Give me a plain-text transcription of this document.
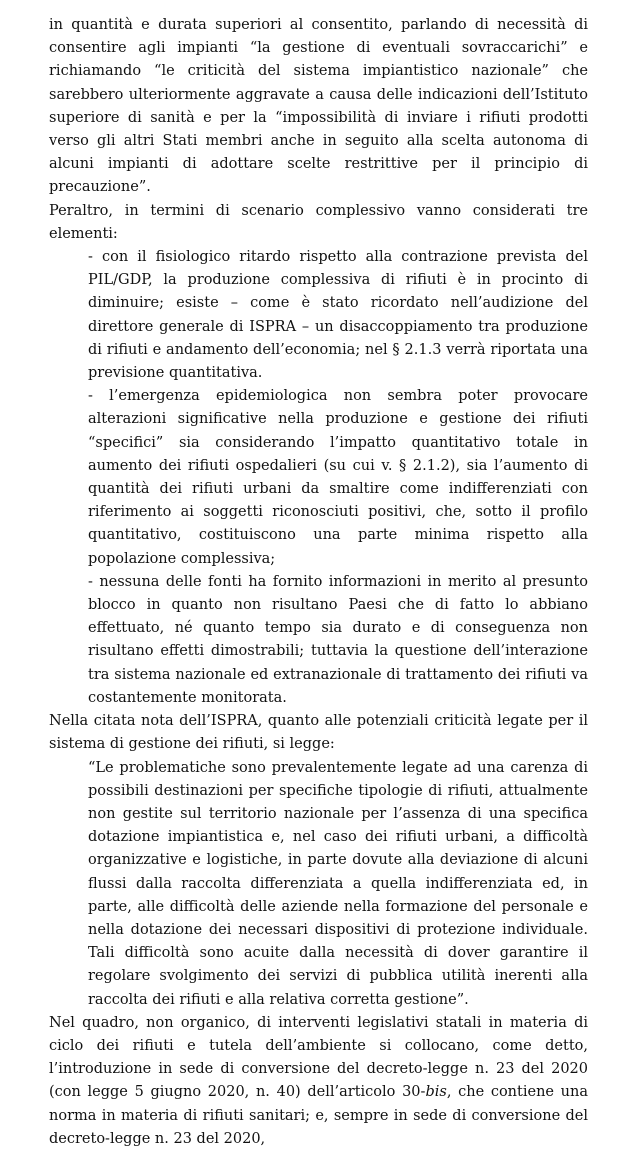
in quantità e durata superiori al consentito, parlando di necessità di consentire agli impianti “la gestione di eventuali sovraccarichi” e richiamando “le criticità del sistema impiantistico nazionale” che sarebbero ulteriormente aggravate a causa delle indicazioni dell’Istituto superiore di sanità e per la “impossibilità di inviare i rifiuti prodotti verso gli altri Stati membri anche in seguito alla scelta autonoma di alcuni impianti di adottare scelte restrittive per il principio di precauzione”.

Peraltro, in termini di scenario complessivo vanno considerati tre elementi:

- con il fisiologico ritardo rispetto alla contrazione prevista del PIL/GDP, la produzione complessiva di rifiuti è in procinto di diminuire; esiste – come è stato ricordato nell’audizione del direttore generale di ISPRA – un disaccoppiamento tra produzione di rifiuti e andamento dell’economia; nel § 2.1.3 verrà riportata una previsione quantitativa.

- l’emergenza epidemiologica non sembra poter provocare alterazioni significative nella produzione e gestione dei rifiuti “specifici” sia considerando l’impatto quantitativo totale in aumento dei rifiuti ospedalieri (su cui v. § 2.1.2), sia l’aumento di quantità dei rifiuti urbani da smaltire come indifferenziati con riferimento ai soggetti riconosciuti positivi, che, sotto il profilo quantitativo, costituiscono una parte minima rispetto alla popolazione complessiva;

- nessuna delle fonti ha fornito informazioni in merito al presunto blocco in quanto non risultano Paesi che di fatto lo abbiano effettuato, né quanto tempo sia durato e di conseguenza non risultano effetti dimostrabili; tuttavia la questione dell’interazione tra sistema nazionale ed extranazionale di trattamento dei rifiuti va costantemente monitorata.

Nella citata nota dell’ISPRA, quanto alle potenziali criticità legate per il sistema di gestione dei rifiuti, si legge:

“Le problematiche sono prevalentemente legate ad una carenza di possibili destinazioni per specifiche tipologie di rifiuti, attualmente non gestite sul territorio nazionale per l’assenza di una specifica dotazione impiantistica e, nel caso dei rifiuti urbani, a difficoltà organizzative e logistiche, in parte dovute alla deviazione di alcuni flussi dalla raccolta differenziata a quella indifferenziata ed, in parte, alle difficoltà delle aziende nella formazione del personale e nella dotazione dei necessari dispositivi di protezione individuale. Tali difficoltà sono acuite dalla necessità di dover garantire il regolare svolgimento dei servizi di pubblica utilità inerenti alla raccolta dei rifiuti e alla relativa corretta gestione”.

Nel quadro, non organico, di interventi legislativi statali in materia di ciclo dei rifiuti e tutela dell’ambiente si collocano, come detto, l’introduzione in sede di conversione del decreto-legge n. 23 del 2020 (con legge 5 giugno 2020, n. 40) dell’articolo 30-bis, che contiene una norma in materia di rifiuti sanitari; e, sempre in sede di conversione del decreto-legge n. 23 del 2020,
